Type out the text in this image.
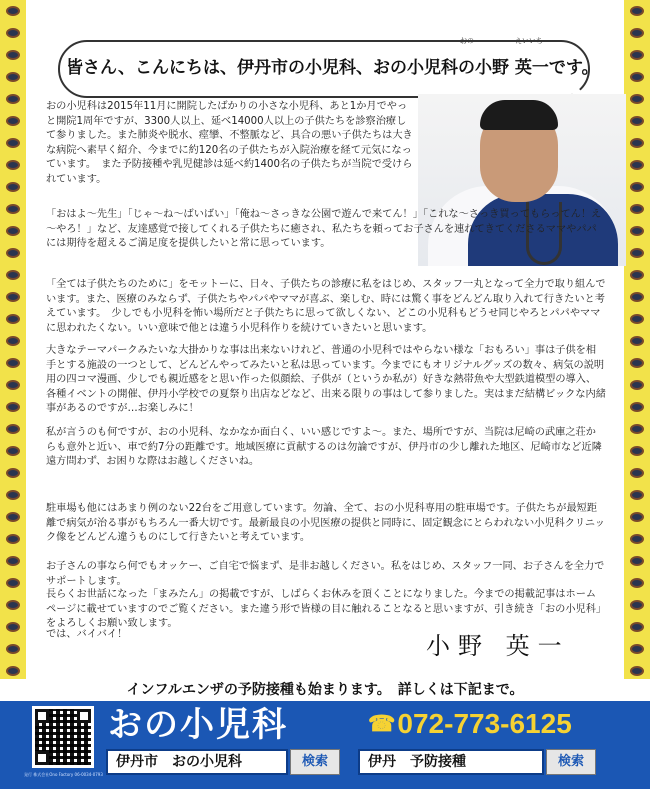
おの	えいいち
皆さん、こんにちは、伊丹市の小児科、おの小児科の小野 英一です。

おの小児科は2015年11月に開院したばかりの小さな小児科、あと1か月でやっと開院1周年ですが、3300人以上、延べ14000人以上の子供たちを診察治療して参りました。また肺炎や脱水、痙攣、不整脈など、具合の悪い子供たちは大きな病院へ素早く紹介、今までに約120名の子供たちが入院治療を経て元気になっています。　また予防接種や乳児健診は延べ約1400名の子供たちが当院で受けられています。

「おはよ～先生」「じゃ～ね～ばいばい」「俺ね～さっきな公園で遊んで来てん！」「これな～さっき買ってもらってん！え～やろ！」など、友達感覚で接してくれる子供たちに癒され、私たちを頼ってお子さんを連れてきてくださるママやパパには期待を超えるご満足度を提供したいと常に思っています。

「全ては子供たちのために」をモットーに、日々、子供たちの診療に私をはじめ、スタッフ一丸となって全力で取り組んでいます。また、医療のみならず、子供たちやパパやママが喜ぶ、楽しむ、時には驚く事をどんどん取り入れて行きたいと考えています。　少しでも小児科を怖い場所だと子供たちに思って欲しくない、どこの小児科もどうせ同じやろとパパやママに思われたくない。いい意味で他とは違う小児科作りを続けていきたいと思います。

大きなテーマパークみたいな大掛かりな事は出来ないけれど、普通の小児科ではやらない様な「おもろい」事は子供を相手とする施設の一つとして、どんどんやってみたいと私は思っています。今までにもオリジナルグッズの数々、病気の説明用の四コマ漫画、少しでも親近感をと思い作った似顔絵、子供が（というか私が）好きな熱帯魚や大型鉄道模型の導入、各種イベントの開催、伊丹小学校での夏祭り出店などなど、出来る限りの事はして参りました。実はまだ結構ビックな内緒事があるのですが…お楽しみに！

私が言うのも何ですが、おの小児科、なかなか面白く、いい感じですよ～。また、場所ですが、当院は尼崎の武庫之荘からも意外と近い、車で約7分の距離です。地域医療に貢献するのは勿論ですが、伊丹市の少し離れた地区、尼崎市など近隣遠方問わず、お困りな際はお越しくださいね。

駐車場も他にはあまり例のない22台をご用意しています。勿論、全て、おの小児科専用の駐車場です。子供たちが最短距離で病気が治る事がもちろん一番大切です。最新最良の小児医療の提供と同時に、固定観念にとらわれない小児科クリニック像をどんどん違うものにして行きたいと考えています。

お子さんの事なら何でもオッケー、ご自宅で悩まず、是非お越しください。私をはじめ、スタッフ一同、お子さんを全力でサポートします。

長らくお世話になった「まみたん」の掲載ですが、しばらくお休みを頂くことになりました。今までの掲載記事はホームページに載せていますのでご覧ください。また違う形で皆様の目に触れることなると思いますが、引き続き「おの小児科」をよろしくお願い致します。

では、バイバイ！	小野 英一
インフルエンザの予防接種も始まります。　詳しくは下記まで。
発行 株式会社Ono Factory 06-0034-0793
おの小児科	☎072-773-6125
伊丹市　おの小児科	検索	伊丹　予防接種	検索
